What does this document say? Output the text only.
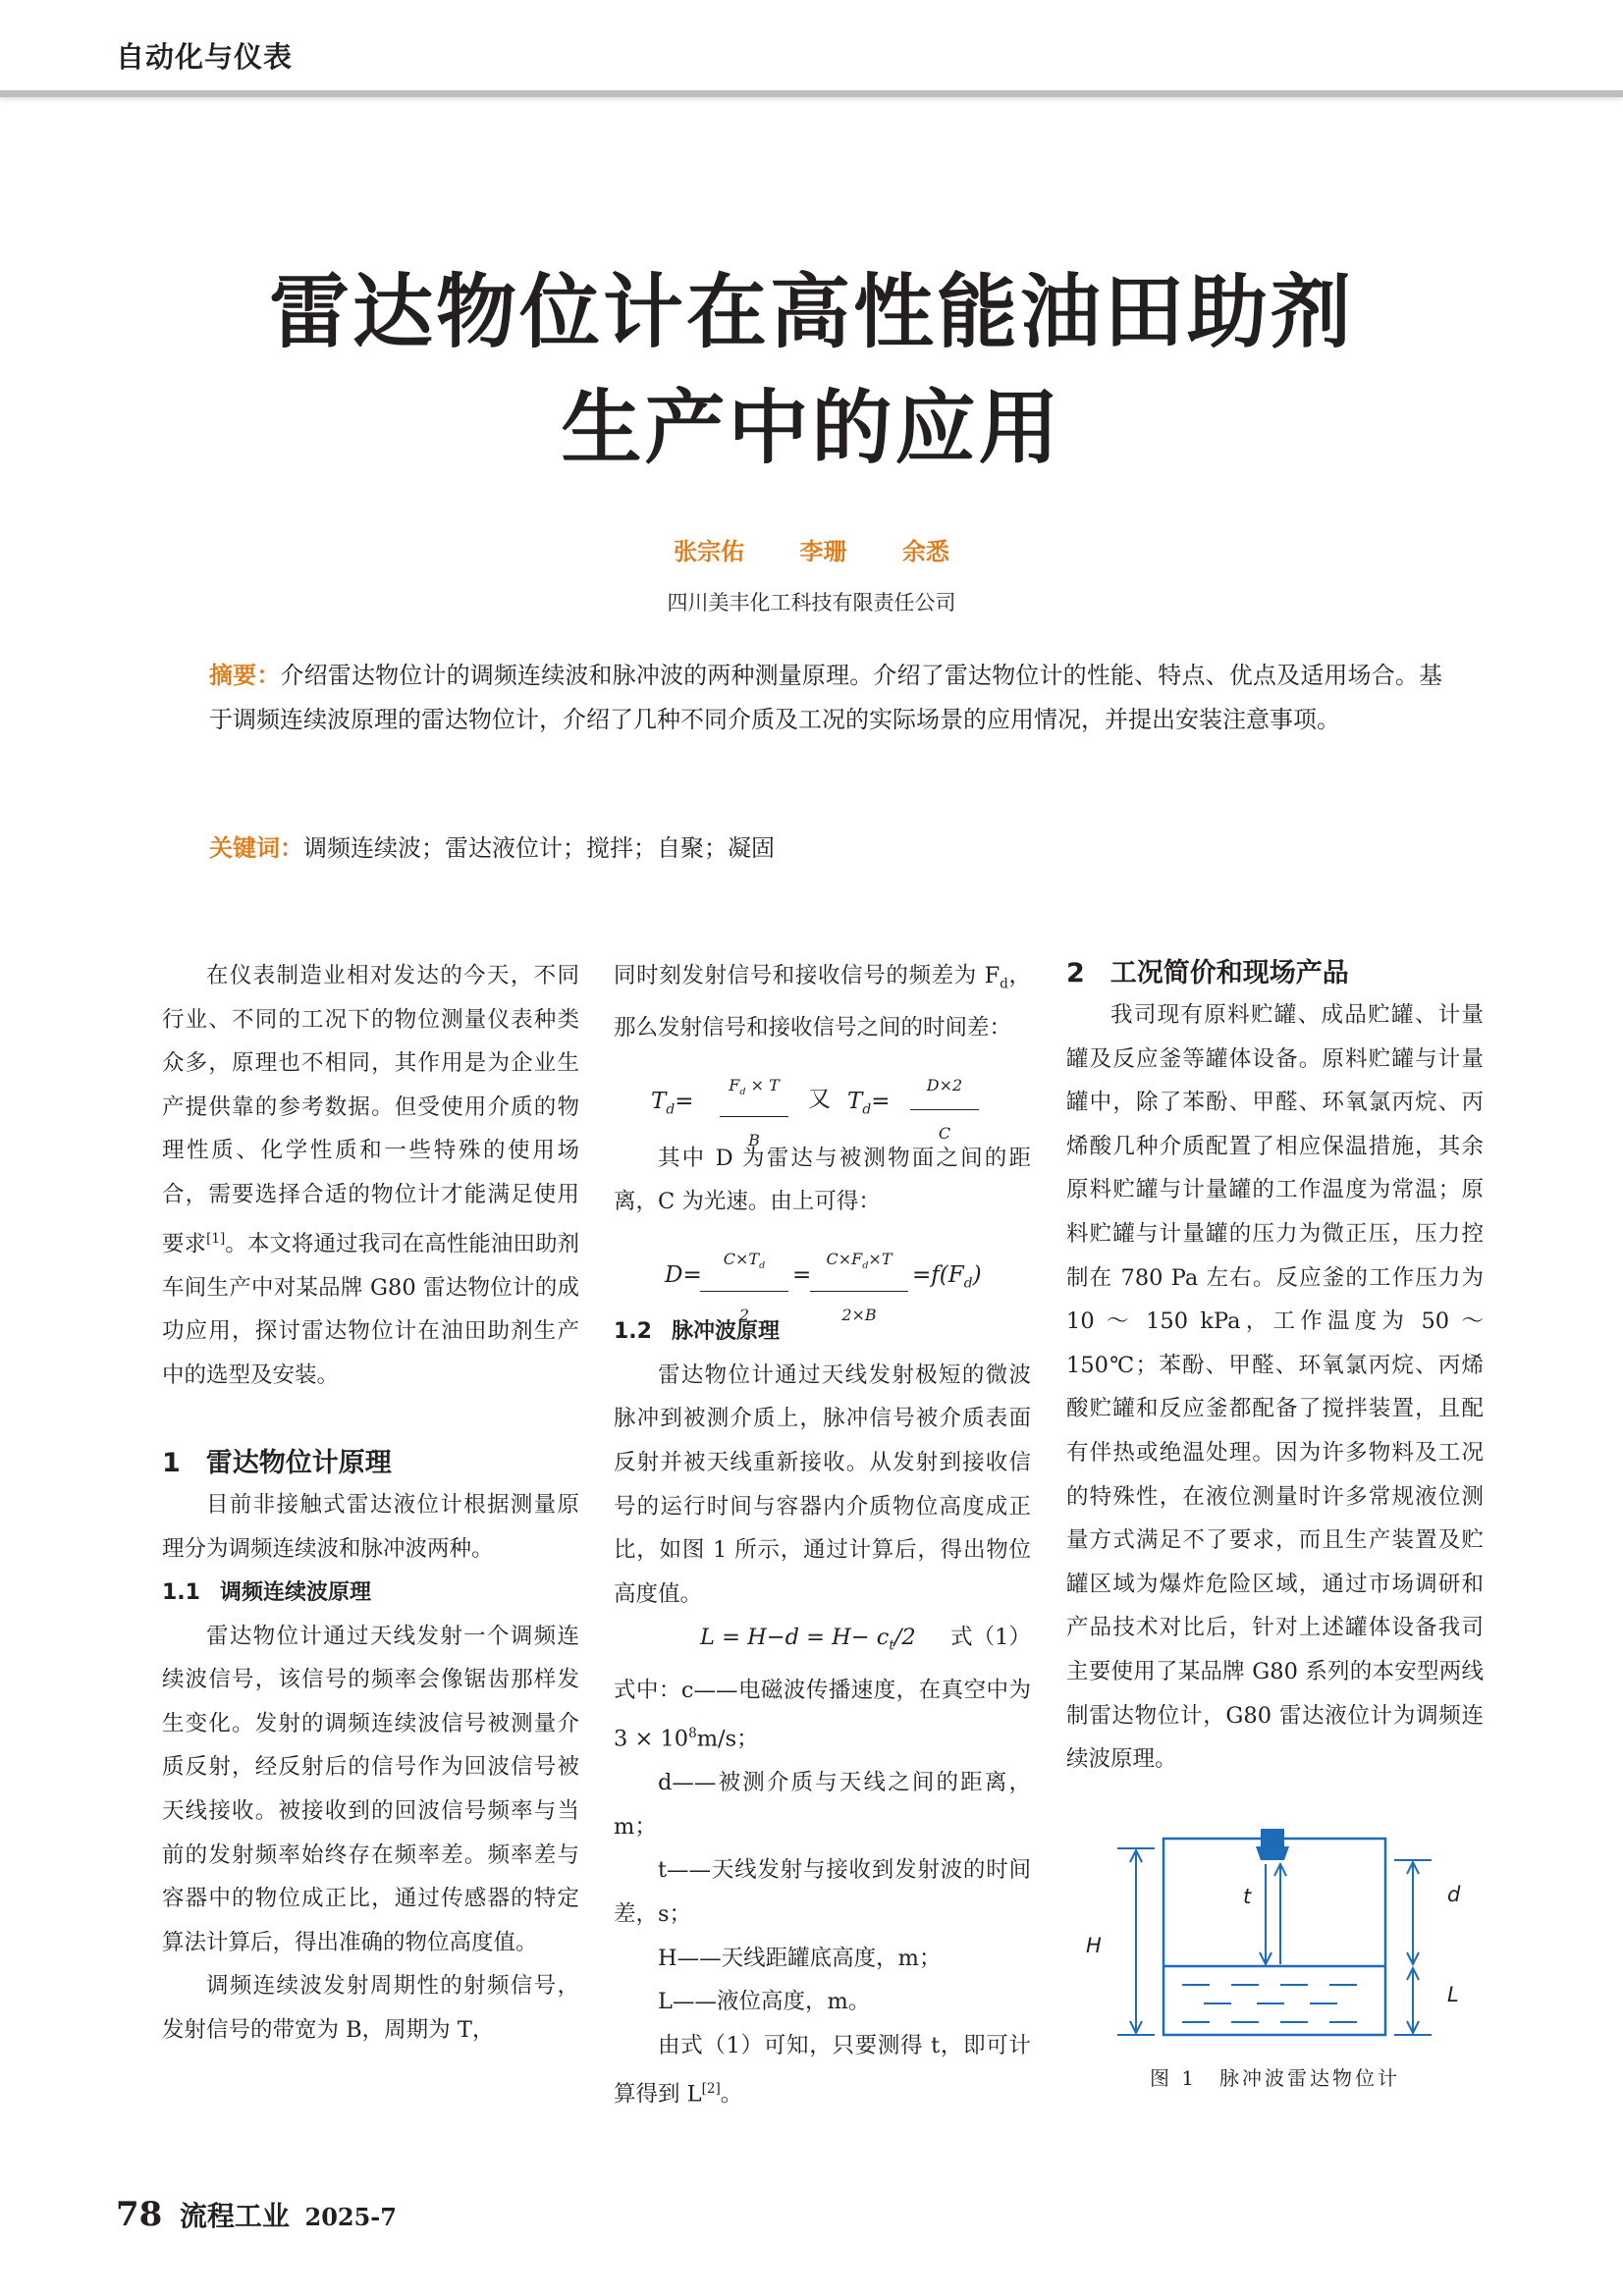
自动化与仪表
雷达物位计在高性能油田助剂
生产中的应用
张宗佑 李珊 余悉
四川美丰化工科技有限责任公司
摘要：介绍雷达物位计的调频连续波和脉冲波的两种测量原理。介绍了雷达物位计的性能、特点、优点及适用场合。基于调频连续波原理的雷达物位计，介绍了几种不同介质及工况的实际场景的应用情况，并提出安装注意事项。
关键词：调频连续波；雷达液位计；搅拌；自聚；凝固

在仪表制造业相对发达的今天，不同行业、不同的工况下的物位测量仪表种类众多，原理也不相同，其作用是为企业生产提供靠的参考数据。但受使用介质的物理性质、化学性质和一些特殊的使用场合，需要选择合适的物位计才能满足使用要求[1]。本文将通过我司在高性能油田助剂车间生产中对某品牌 G80 雷达物位计的成功应用，探讨雷达物位计在油田助剂生产中的选型及安装。

1 雷达物位计原理

目前非接触式雷达液位计根据测量原理分为调频连续波和脉冲波两种。

1.1 调频连续波原理

雷达物位计通过天线发射一个调频连续波信号，该信号的频率会像锯齿那样发生变化。发射的调频连续波信号被测量介质反射，经反射后的信号作为回波信号被天线接收。被接收到的回波信号频率与当前的发射频率始终存在频率差。频率差与容器中的物位成正比，通过传感器的特定算法计算后，得出准确的物位高度值。

调频连续波发射周期性的射频信号，发射信号的带宽为 B，周期为 T，

同时刻发射信号和接收信号的频差为 $F_d$，那么发射信号和接收信号之间的时间差：

$T_d=$
$F_d \times T$
B
又 $T_d=$
D×2
C

其中 D 为雷达与被测物面之间的距离，C 为光速。由上可得：

D=
$C\times T_d$
2
=
$C\times F_d\times T$
2×B
$=f(F_d)$
1.2 脉冲波原理

雷达物位计通过天线发射极短的微波脉冲到被测介质上，脉冲信号被介质表面反射并被天线重新接收。从发射到接收信号的运行时间与容器内介质物位高度成正比，如图 1 所示，通过计算后，得出物位高度值。

$L = H-d = H- c_t/2$ 式（1）

式中：c——电磁波传播速度，在真空中为 $3 \times 10^8m/s$；

d——被测介质与天线之间的距离，m；

t——天线发射与接收到发射波的时间差，s；

H——天线距罐底高度，m；

L——液位高度，m。

由式（1）可知，只要测得 t，即可计算得到 L[2]。

2 工况简价和现场产品

我司现有原料贮罐、成品贮罐、计量罐及反应釜等罐体设备。原料贮罐与计量罐中，除了苯酚、甲醛、环氧氯丙烷、丙烯酸几种介质配置了相应保温措施，其余原料贮罐与计量罐的工作温度为常温；原料贮罐与计量罐的压力为微正压，压力控制在 780 Pa 左右。反应釜的工作压力为 10 ～ 150 kPa，工作温度为 50 ～ 150℃；苯酚、甲醛、环氧氯丙烷、丙烯酸贮罐和反应釜都配备了搅拌装置，且配有伴热或绝温处理。因为许多物料及工况的特殊性，在液位测量时许多常规液位测量方式满足不了要求，而且生产装置及贮罐区域为爆炸危险区域，通过市场调研和产品技术对比后，针对上述罐体设备我司主要使用了某品牌 G80 系列的本安型两线制雷达物位计，G80 雷达液位计为调频连续波原理。

t
H
d
L
图 1　脉冲波雷达物位计
78 流程工业 2025-7
